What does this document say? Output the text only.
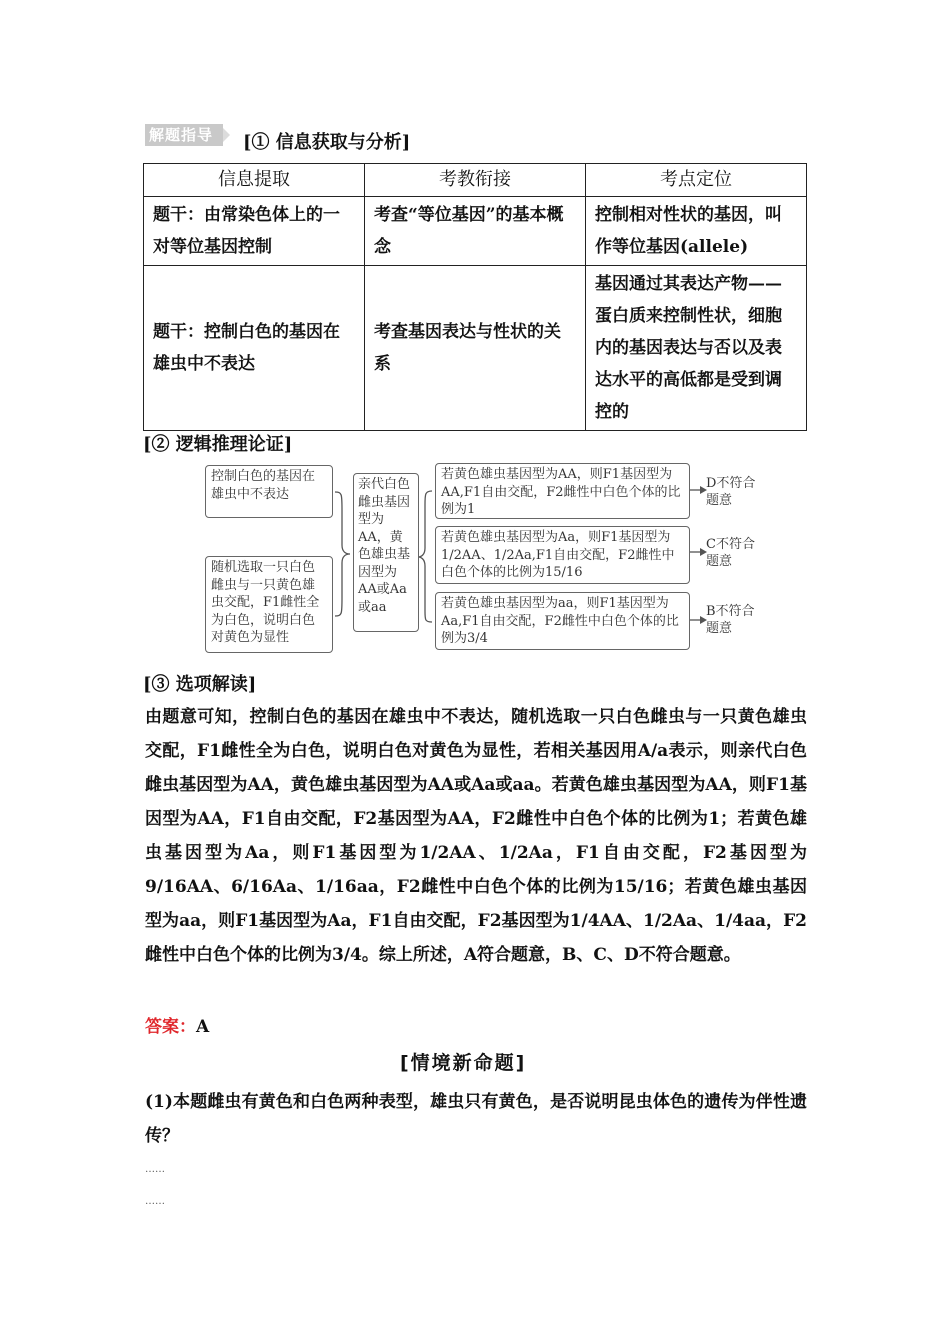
解题指导	[① 信息获取与分析]
信息提取	考教衔接	考点定位
题干：由常染色体上的一对等位基因控制	考查“等位基因”的基本概念	控制相对性状的基因，叫作等位基因(allele)
题干：控制白色的基因在雄虫中不表达	考查基因表达与性状的关系	基因通过其表达产物——蛋白质来控制性状，细胞内的基因表达与否以及表达水平的高低都是受到调控的
[② 逻辑推理论证]
控制白色的基因在雄虫中不表达
随机选取一只白色雌虫与一只黄色雄虫交配，F1雌性全为白色，说明白色对黄色为显性
亲代白色雌虫基因型为AA，黄色雄虫基因型为AA或Aa或aa
若黄色雄虫基因型为AA，则F1基因型为AA,F1自由交配，F2雌性中白色个体的比例为1
若黄色雄虫基因型为Aa，则F1基因型为1/2AA、1/2Aa,F1自由交配，F2雌性中白色个体的比例为15/16
若黄色雄虫基因型为aa，则F1基因型为Aa,F1自由交配，F2雌性中白色个体的比例为3/4
D不符合题意
C不符合题意
B不符合题意
[③ 选项解读]
由题意可知，控制白色的基因在雄虫中不表达，随机选取一只白色雌虫与一只黄色雄虫交配，F1雌性全为白色，说明白色对黄色为显性，若相关基因用A/a表示，则亲代白色雌虫基因型为AA，黄色雄虫基因型为AA或Aa或aa。若黄色雄虫基因型为AA，则F1基因型为AA，F1自由交配，F2基因型为AA，F2雌性中白色个体的比例为1；若黄色雄虫基因型为Aa，则F1基因型为1/2AA、1/2Aa，F1自由交配，F2基因型为9/16AA、6/16Aa、1/16aa，F2雌性中白色个体的比例为15/16；若黄色雄虫基因型为aa，则F1基因型为Aa，F1自由交配，F2基因型为1/4AA、1/2Aa、1/4aa，F2雌性中白色个体的比例为3/4。综上所述，A符合题意，B、C、D不符合题意。
答案：A
[情境新命题]
(1)本题雌虫有黄色和白色两种表型，雄虫只有黄色，是否说明昆虫体色的遗传为伴性遗传？
……
……
